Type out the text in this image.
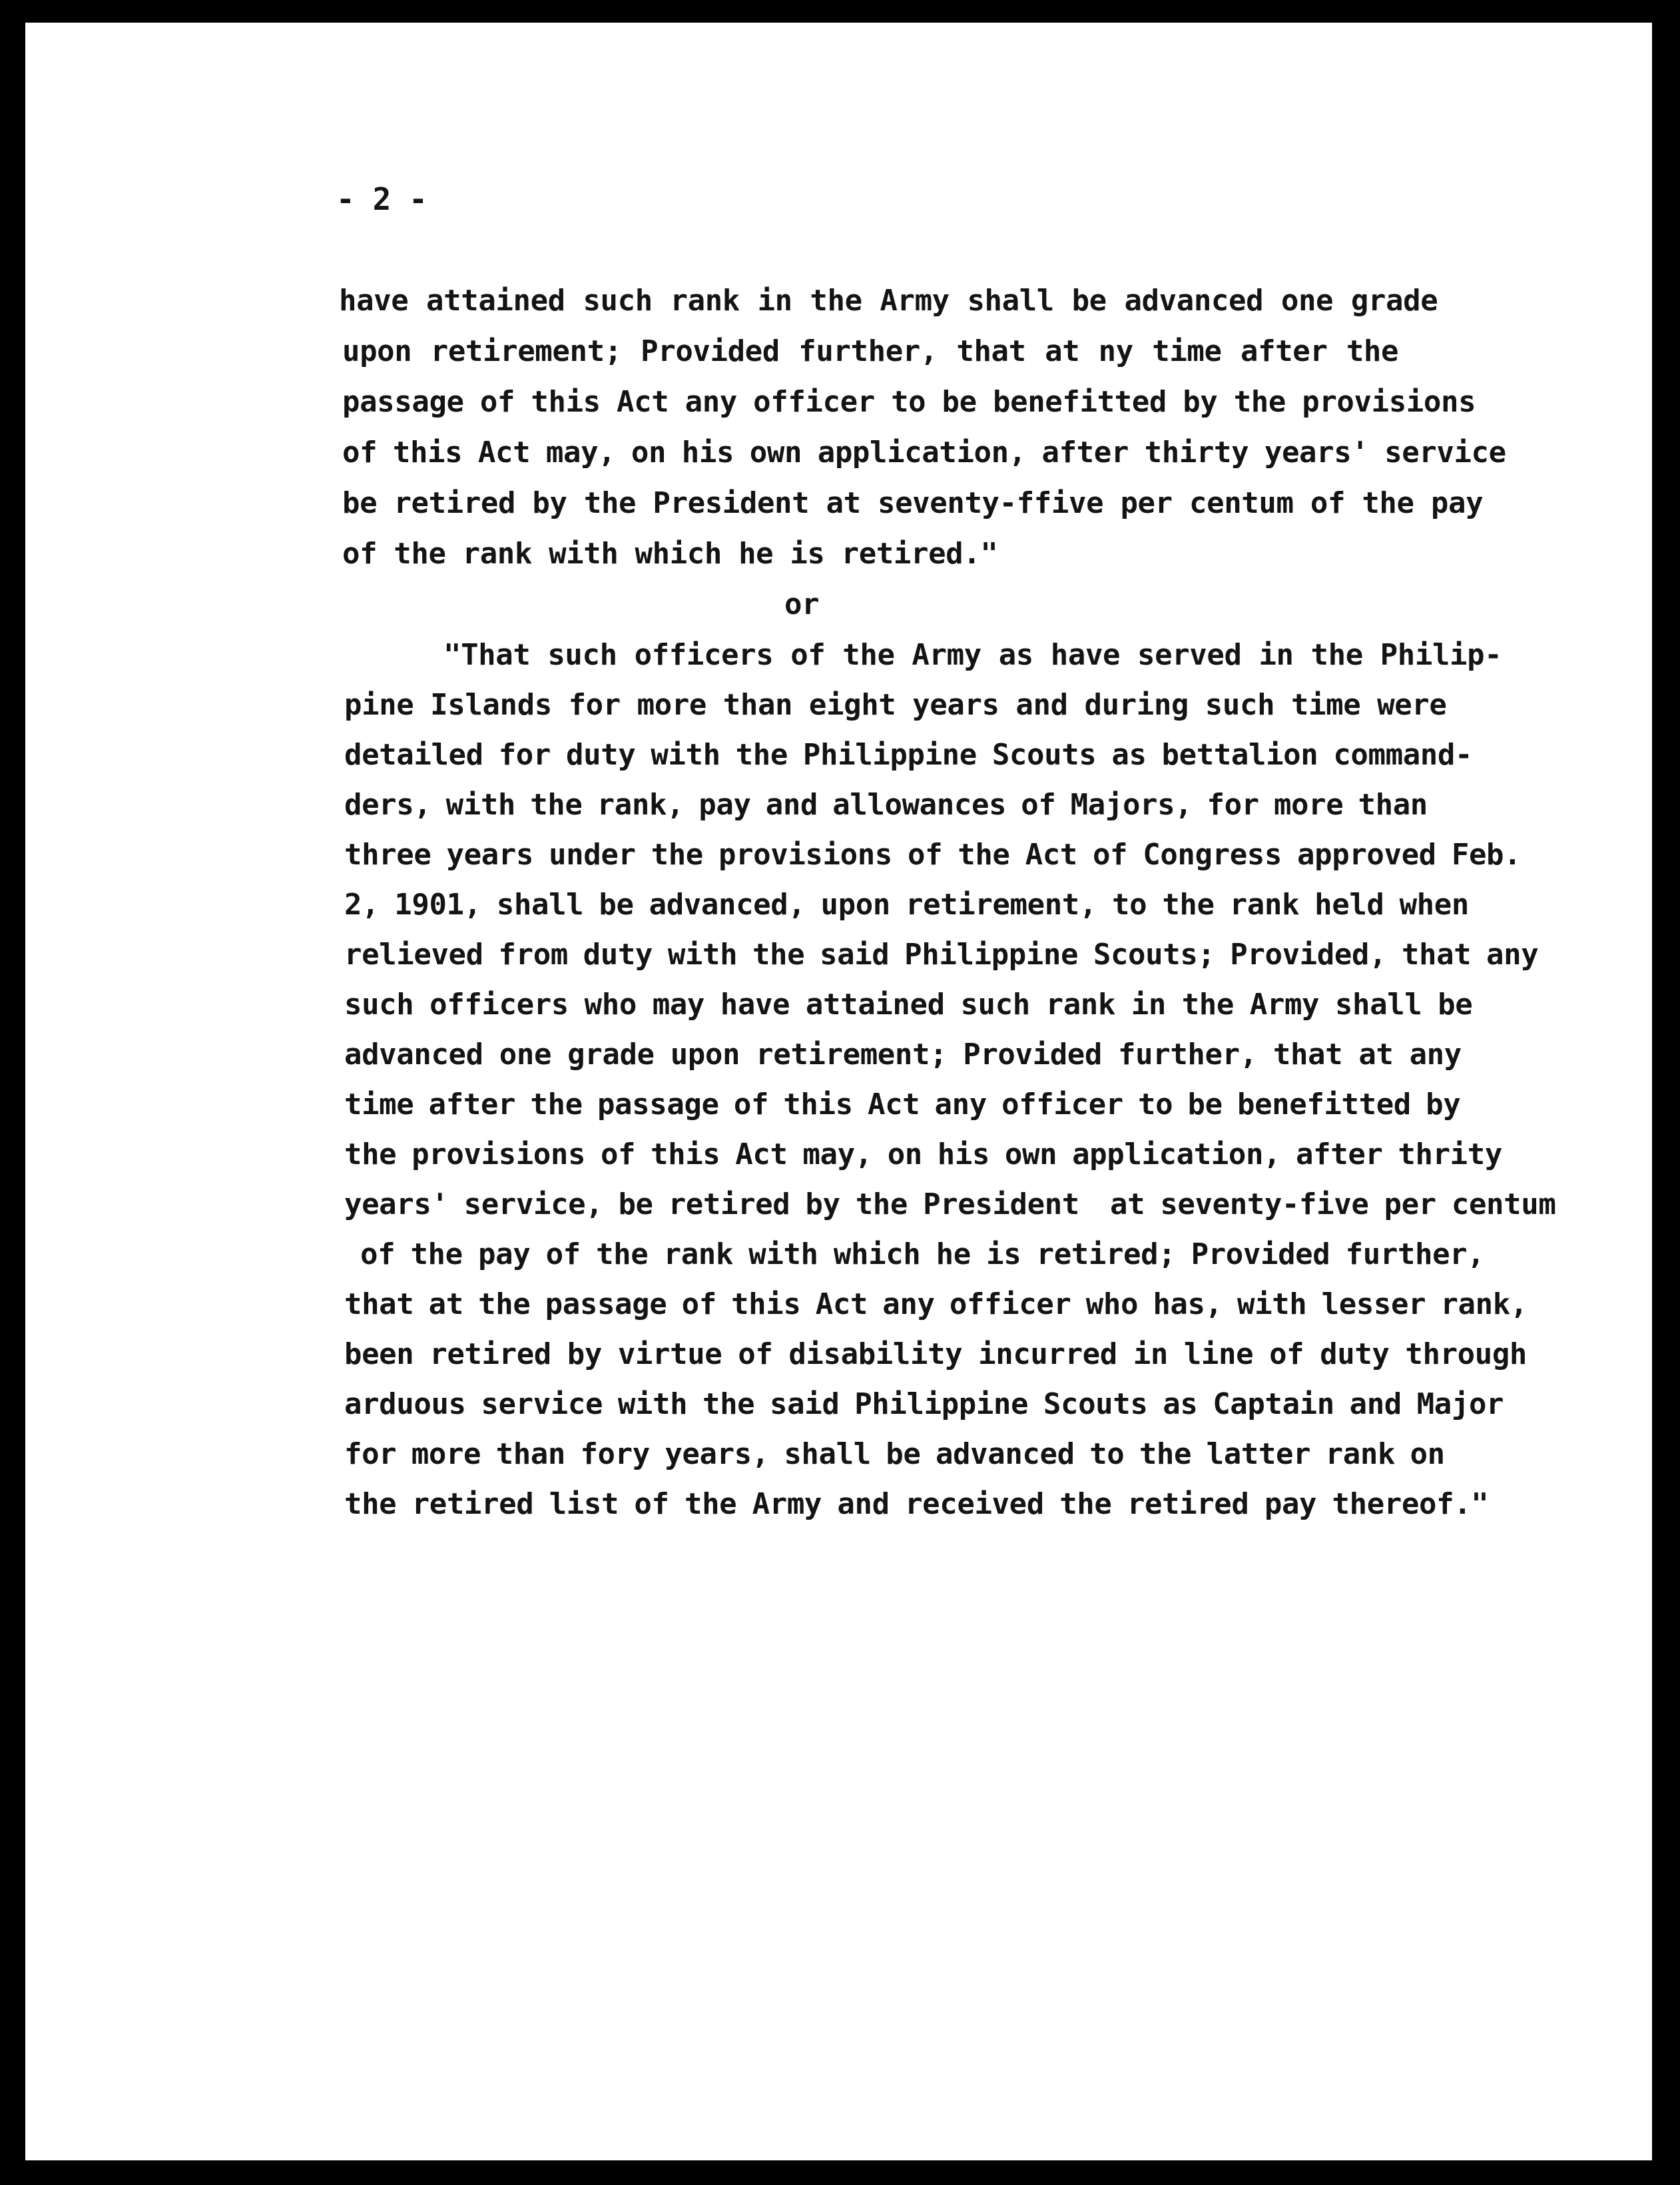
- 2 -
have attained such rank in the Army shall be advanced one grade
upon retirement; Provided further, that at ny time after the
passage of this Act any officer to be benefitted by the provisions
of this Act may, on his own application, after thirty years' service
be retired by the President at seventy-ffive per centum of the pay
of the rank with which he is retired."
or
"That such officers of the Army as have served in the Philip-
pine Islands for more than eight years and during such time were
detailed for duty with the Philippine Scouts as bettalion command-
ders, with the rank, pay and allowances of Majors, for more than
three years under the provisions of the Act of Congress approved Feb.
2, 1901, shall be advanced, upon retirement, to the rank held when
relieved from duty with the said Philippine Scouts; Provided, that any
such officers who may have attained such rank in the Army shall be
advanced one grade upon retirement; Provided further, that at any
time after the passage of this Act any officer to be benefitted by
the provisions of this Act may, on his own application, after thrity
years' service, be retired by the President  at seventy-five per centum
of the pay of the rank with which he is retired; Provided further,
that at the passage of this Act any officer who has, with lesser rank,
been retired by virtue of disability incurred in line of duty through
arduous service with the said Philippine Scouts as Captain and Major
for more than fory years, shall be advanced to the latter rank on
the retired list of the Army and received the retired pay thereof."
